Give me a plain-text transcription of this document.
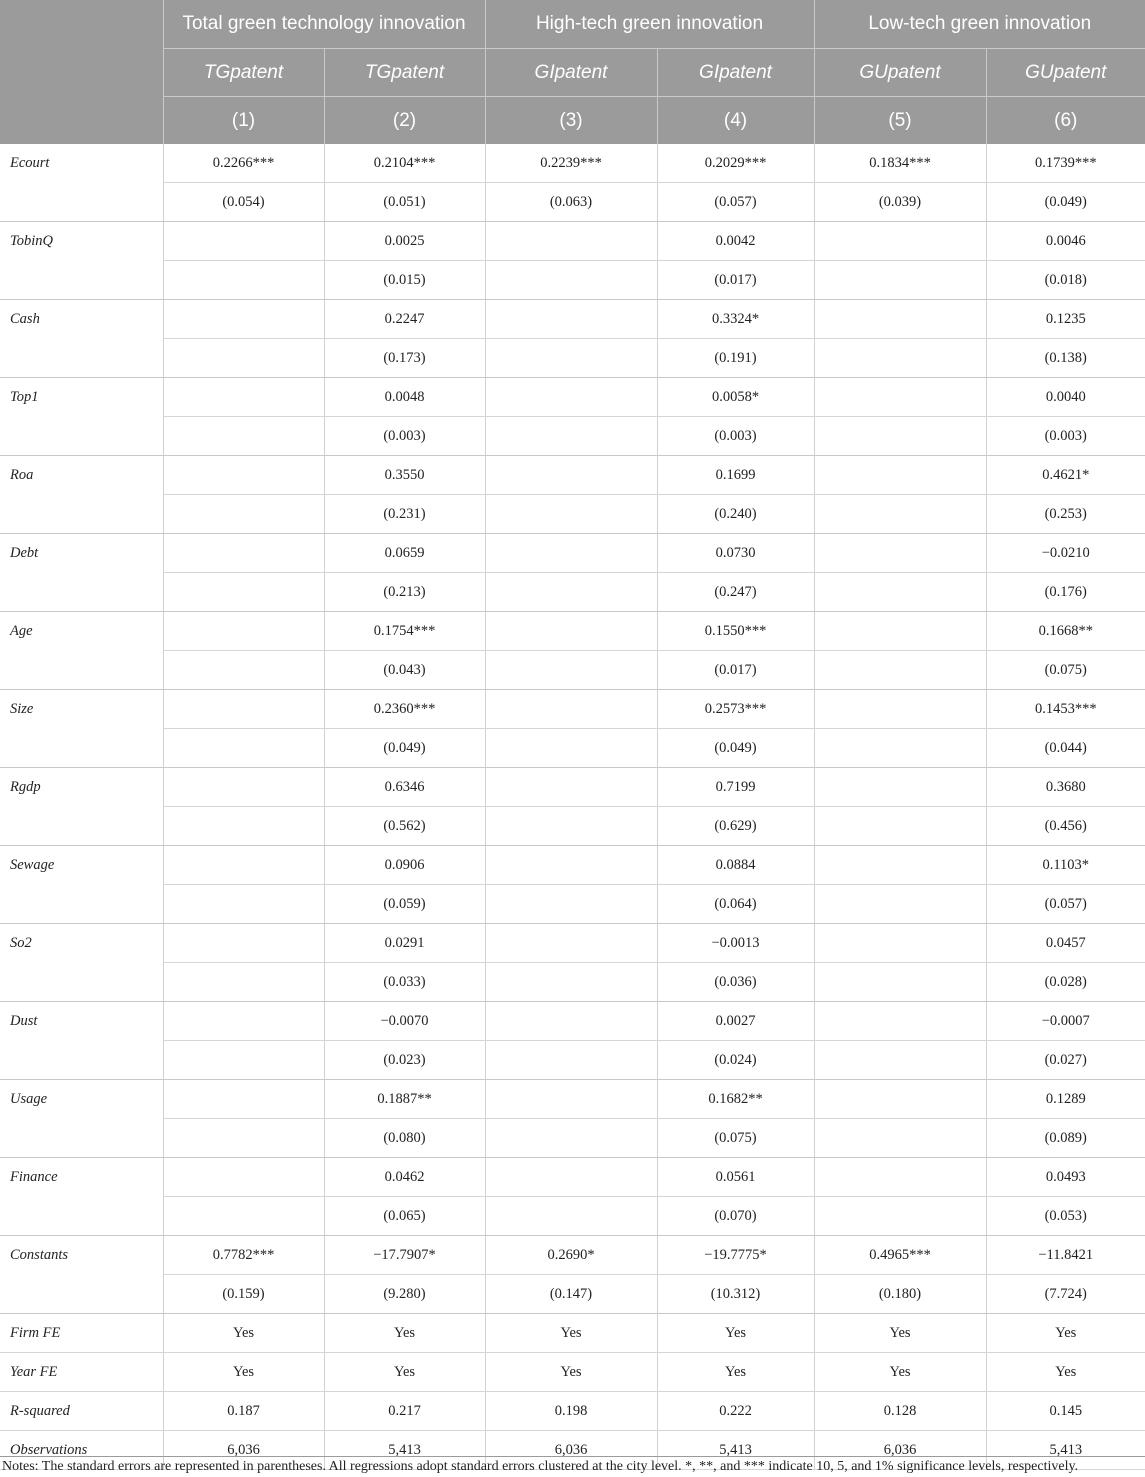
	Total green technology innovation		High-tech green innovation		Low-tech green innovation	
	TGpatent	TGpatent	GIpatent	GIpatent	GUpatent	GUpatent
	(1)	(2)	(3)	(4)	(5)	(6)
Ecourt	0.2266***	0.2104***	0.2239***	0.2029***	0.1834***	0.1739***
	(0.054)	(0.051)	(0.063)	(0.057)	(0.039)	(0.049)
TobinQ		0.0025		0.0042		0.0046
		(0.015)		(0.017)		(0.018)
Cash		0.2247		0.3324*		0.1235
		(0.173)		(0.191)		(0.138)
Top1		0.0048		0.0058*		0.0040
		(0.003)		(0.003)		(0.003)
Roa		0.3550		0.1699		0.4621*
		(0.231)		(0.240)		(0.253)
Debt		0.0659		0.0730		−0.0210
		(0.213)		(0.247)		(0.176)
Age		0.1754***		0.1550***		0.1668**
		(0.043)		(0.017)		(0.075)
Size		0.2360***		0.2573***		0.1453***
		(0.049)		(0.049)		(0.044)
Rgdp		0.6346		0.7199		0.3680
		(0.562)		(0.629)		(0.456)
Sewage		0.0906		0.0884		0.1103*
		(0.059)		(0.064)		(0.057)
So2		0.0291		−0.0013		0.0457
		(0.033)		(0.036)		(0.028)
Dust		−0.0070		0.0027		−0.0007
		(0.023)		(0.024)		(0.027)
Usage		0.1887**		0.1682**		0.1289
		(0.080)		(0.075)		(0.089)
Finance		0.0462		0.0561		0.0493
		(0.065)		(0.070)		(0.053)
Constants	0.7782***	−17.7907*	0.2690*	−19.7775*	0.4965***	−11.8421
	(0.159)	(9.280)	(0.147)	(10.312)	(0.180)	(7.724)
Firm FE	Yes	Yes	Yes	Yes	Yes	Yes
Year FE	Yes	Yes	Yes	Yes	Yes	Yes
R-squared	0.187	0.217	0.198	0.222	0.128	0.145
Observations	6,036	5,413	6,036	5,413	6,036	5,413
Notes: The standard errors are represented in parentheses. All regressions adopt standard errors clustered at the city level. *, **, and *** indicate 10, 5, and 1% significance levels, respectively.
